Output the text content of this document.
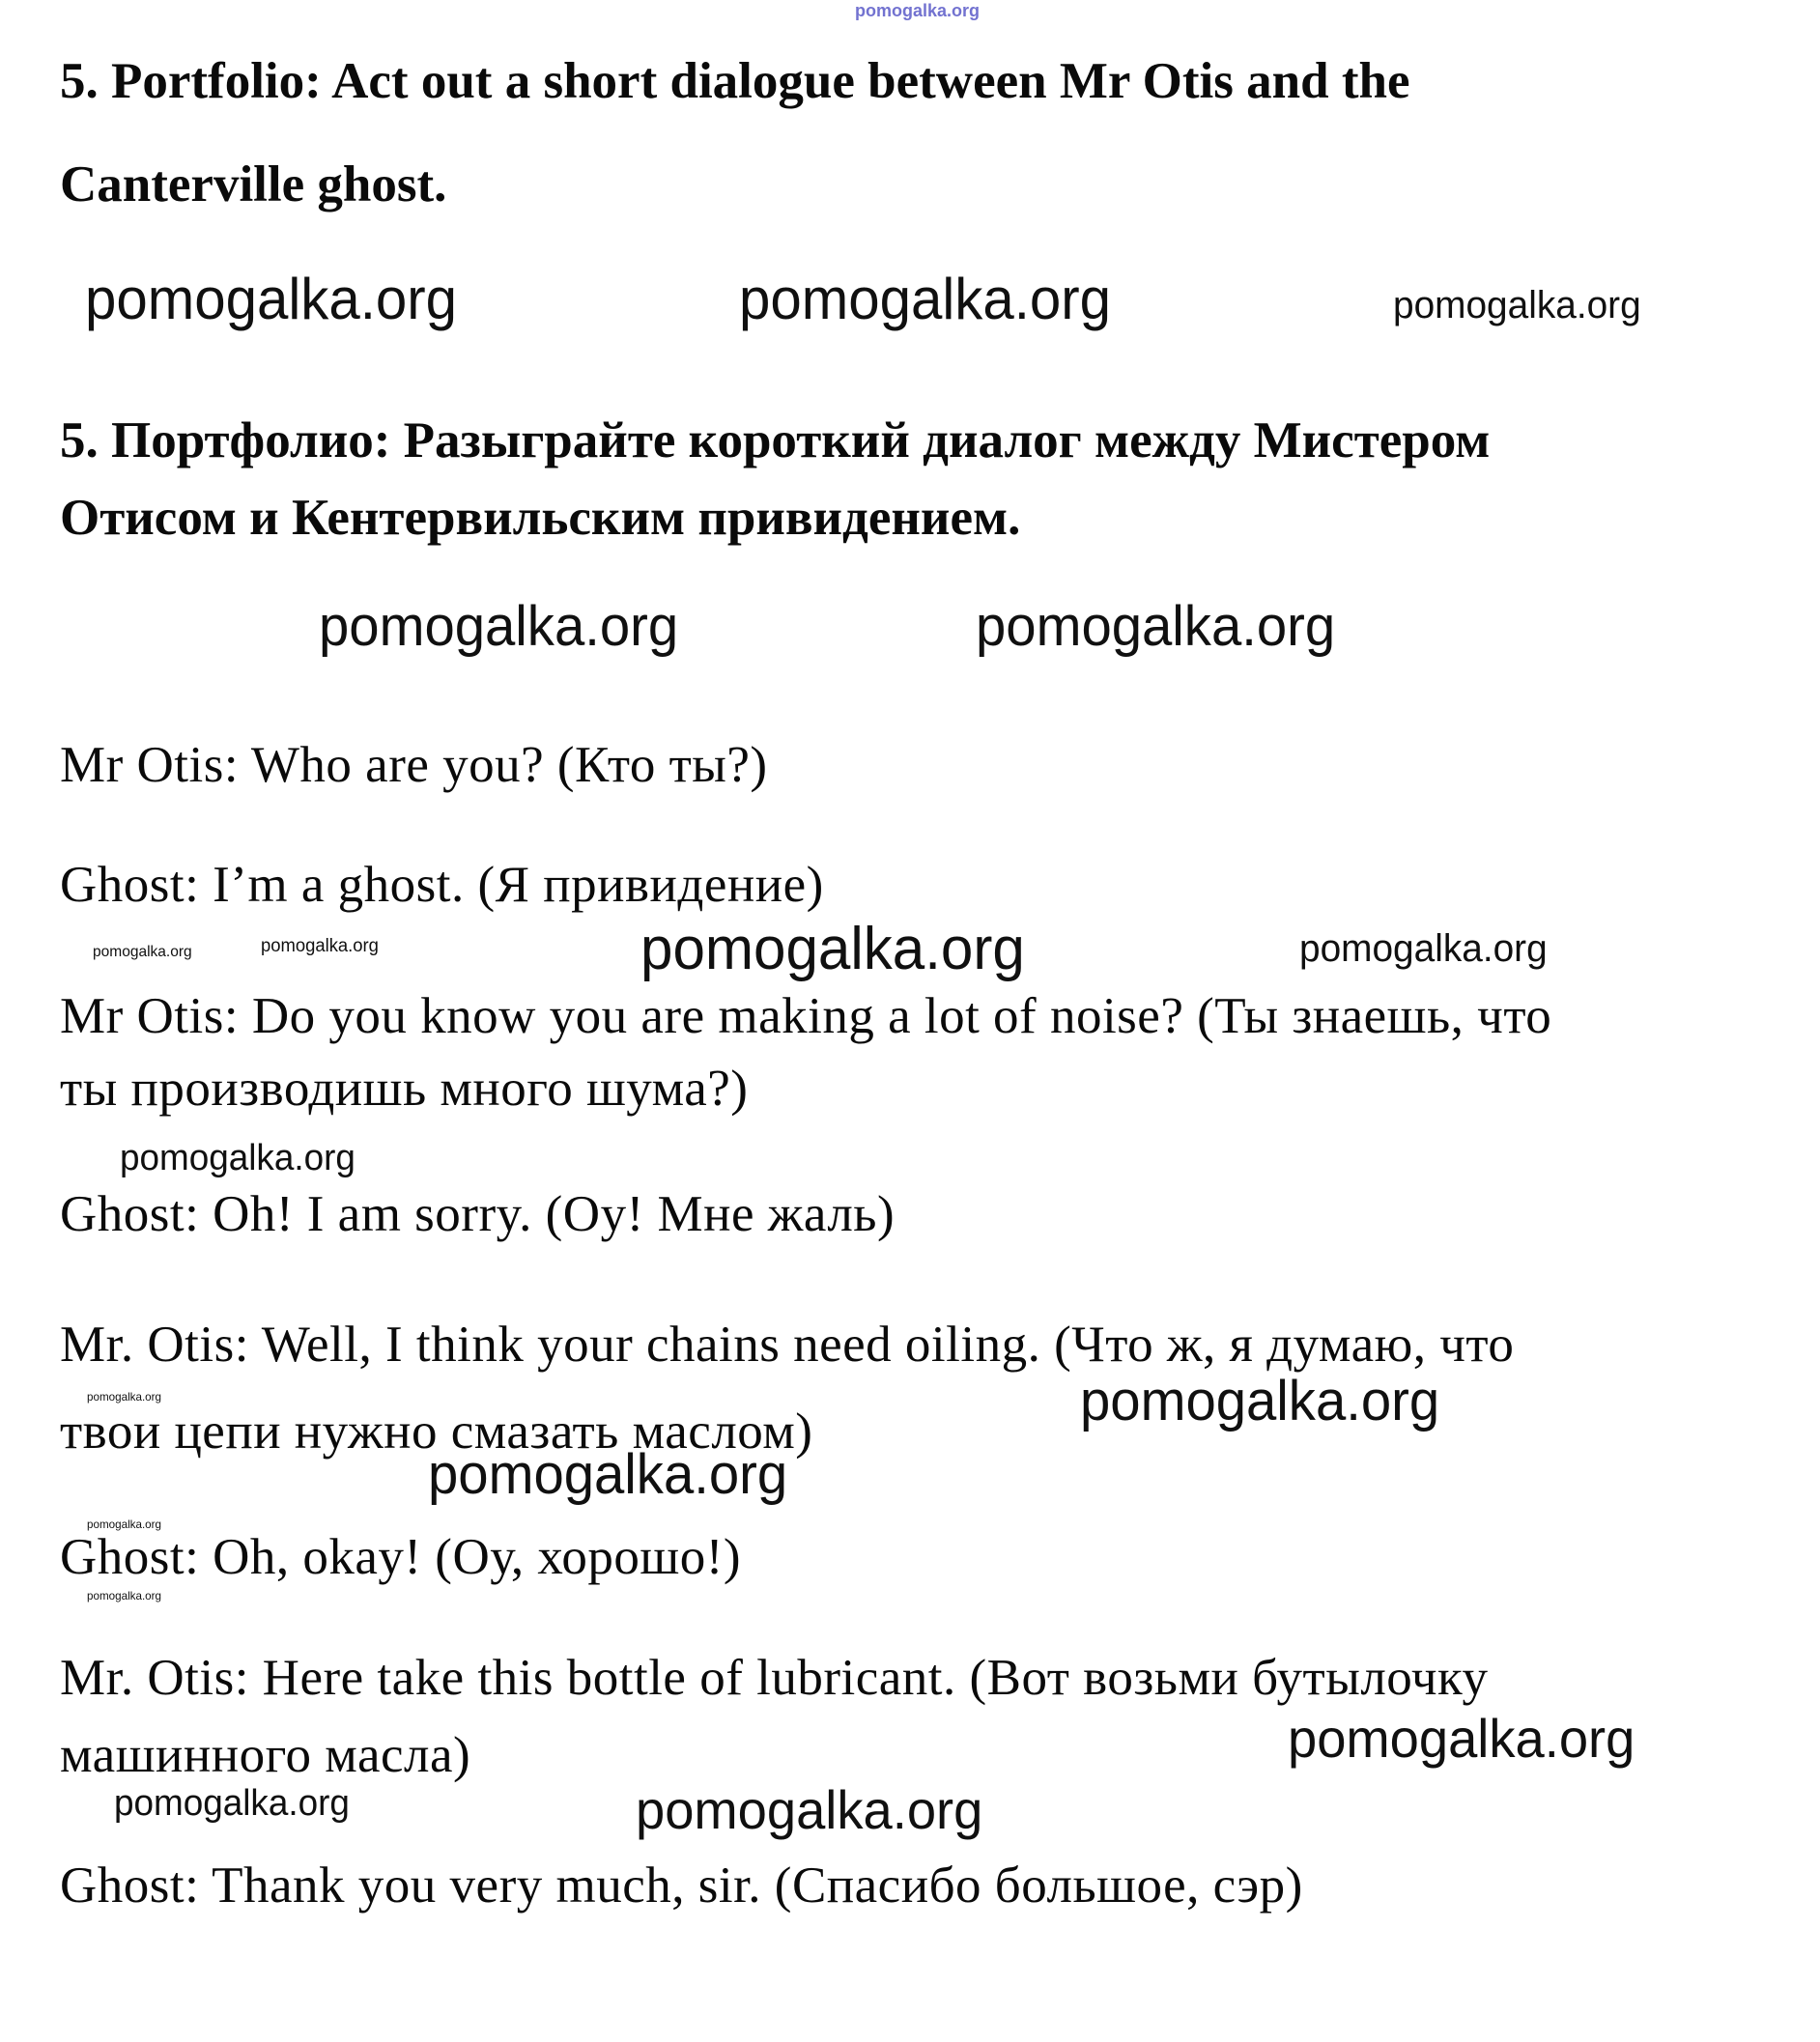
pomogalka.org
5. Portfolio: Act out a short dialogue between Mr Otis and the
Canterville ghost.
pomogalka.org	pomogalka.org	pomogalka.org
5. Портфолио: Разыграйте короткий диалог между Мистером
Отисом и Кентервильским привидением.
pomogalka.org	pomogalka.org
Mr Otis: Who are you? (Кто ты?)
Ghost: I’m a ghost. (Я привидение)
pomogalka.org	pomogalka.org	pomogalka.org	pomogalka.org
Mr Otis: Do you know you are making a lot of noise? (Ты знаешь, что
ты производишь много шума?)
pomogalka.org
Ghost: Oh! I am sorry. (Оу! Мне жаль)
Mr. Otis: Well, I think your chains need oiling. (Что ж, я думаю, что
pomogalka.org
pomogalka.org
твои цепи нужно смазать маслом)
pomogalka.org
pomogalka.org
Ghost: Oh, okay! (Оу, хорошо!)
pomogalka.org
Mr. Otis: Here take this bottle of lubricant. (Вот возьми бутылочку
pomogalka.org
машинного масла)
pomogalka.org	pomogalka.org
Ghost: Thank you very much, sir. (Спасибо большое, сэр)
